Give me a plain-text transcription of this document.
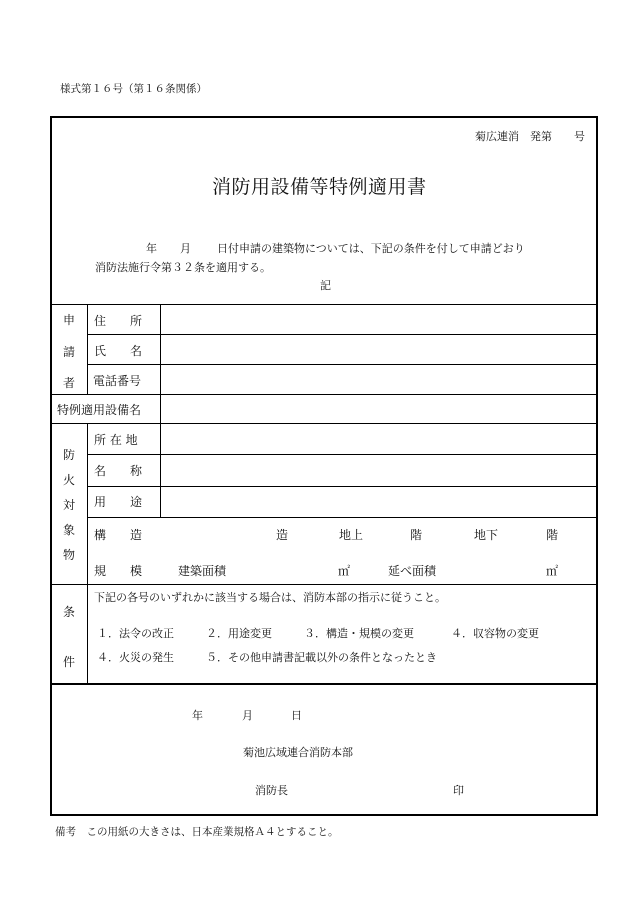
様式第１６号（第１６条関係）
菊広連消　発第　　号
消防用設備等特例適用書
年 月 日付申請の建築物については、下記の条件を付して申請どおり
消防法施行令第３２条を適用する。
記
申
請
者
住　　所
氏　　名
電話番号
特例適用設備名
防
火
対
象
物
所 在 地
名　　称
用　　途
構　　造	造	地上	階	地下	階
規　　模	建築面積	㎡	延べ面積	㎡
条
件
下記の各号のいずれかに該当する場合は、消防本部の指示に従うこと。
１．法令の改正	２．用途変更	３．構造・規模の変更	４．収容物の変更
４．火災の発生	５．その他申請書記載以外の条件となったとき
年	月	日
菊池広域連合消防本部
消防長	印
備考　この用紙の大きさは、日本産業規格Ａ４とすること。
